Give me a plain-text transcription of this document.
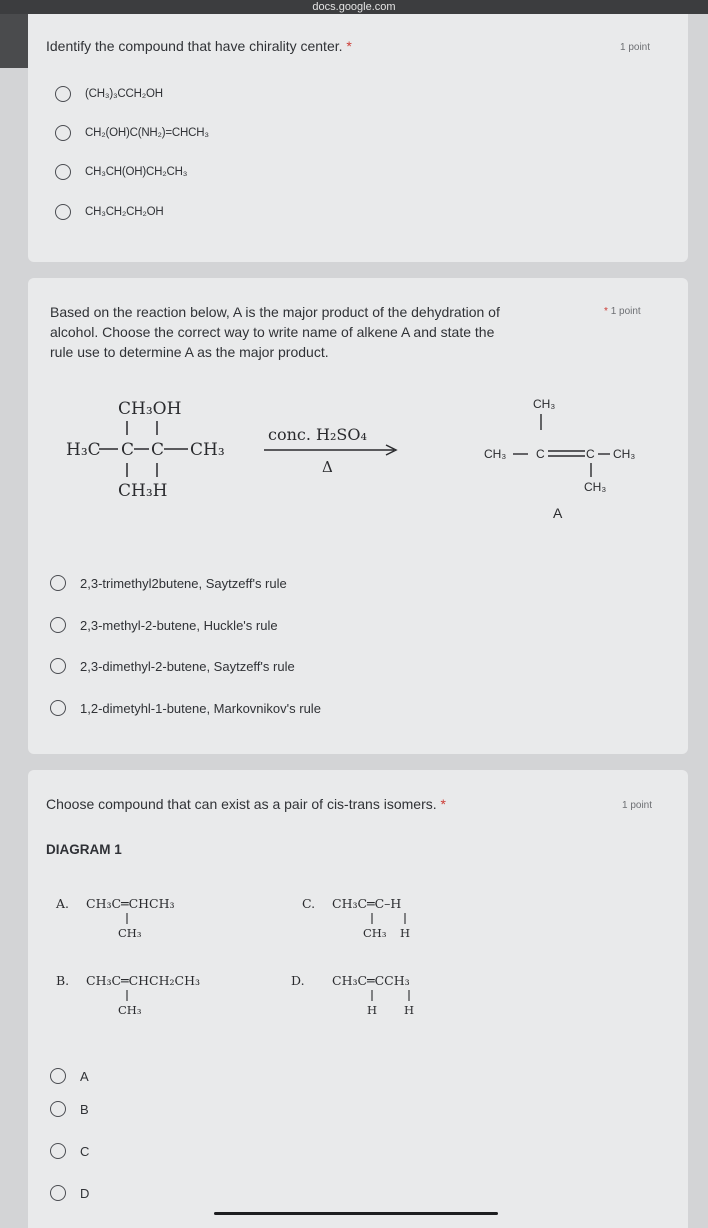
docs.google.com
Identify the compound that have chirality center. *	1 point
(CH₃)₃CCH₂OH
CH₂(OH)C(NH₂)=CHCH₃
CH₃CH(OH)CH₂CH₃
CH₃CH₂CH₂OH
Based on the reaction below, A is the major product of the dehydration of
alcohol. Choose the correct way to write name of alkene A and state the
rule use to determine A as the major product.
* 1 point
CH₃OH
H₃C C C CH₃
CH₃H
conc. H₂SO₄
Δ
CH₃
CH₃ C	C CH₃
CH₃
A
2,3-trimethyl2butene, Saytzeff's rule
2,3-methyl-2-butene, Huckle's rule
2,3-dimethyl-2-butene, Saytzeff's rule
1,2-dimetyhl-1-butene, Markovnikov's rule
Choose compound that can exist as a pair of cis-trans isomers. *	1 point
DIAGRAM 1
A. CH₃C═CHCH₃
CH₃
C. CH₃C═C–H
CH₃ H
B. CH₃C═CHCH₂CH₃
CH₃
D. CH₃C═CCH₃
H H
A
B
C
D
